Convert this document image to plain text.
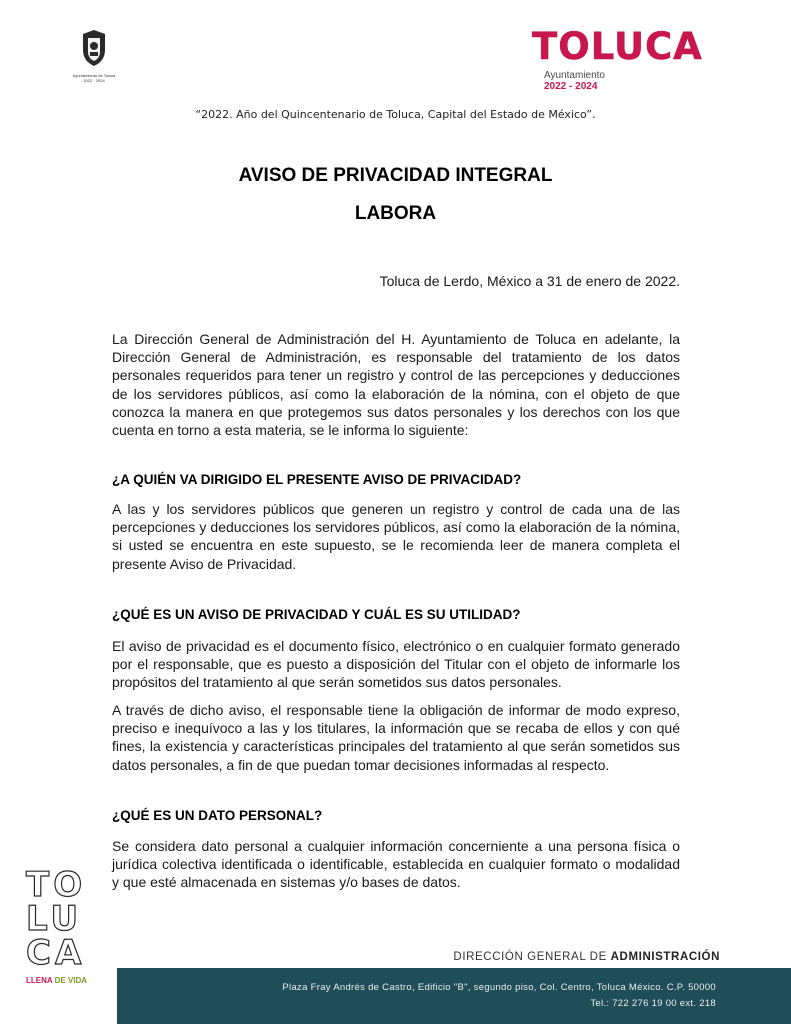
Ayuntamiento de Toluca
2022 · 2024
TOLUCA
Ayuntamiento
2022 - 2024
“2022. Año del Quincentenario de Toluca, Capital del Estado de México”.
AVISO DE PRIVACIDAD INTEGRAL
LABORA
Toluca de Lerdo, México a 31 de enero de 2022.

La Dirección General de Administración del H. Ayuntamiento de Toluca en adelante, la Dirección General de Administración, es responsable del tratamiento de los datos personales requeridos para tener un registro y control de las percepciones y deducciones de los servidores públicos, así como la elaboración de la nómina, con el objeto de que conozca la manera en que protegemos sus datos personales y los derechos con los que cuenta en torno a esta materia, se le informa lo siguiente:

¿A QUIÉN VA DIRIGIDO EL PRESENTE AVISO DE PRIVACIDAD?

A las y los servidores públicos que generen un registro y control de cada una de las percepciones y deducciones los servidores públicos, así como la elaboración de la nómina, si usted se encuentra en este supuesto, se le recomienda leer de manera completa el presente Aviso de Privacidad.

¿QUÉ ES UN AVISO DE PRIVACIDAD Y CUÁL ES SU UTILIDAD?

El aviso de privacidad es el documento físico, electrónico o en cualquier formato generado por el responsable, que es puesto a disposición del Titular con el objeto de informarle los propósitos del tratamiento al que serán sometidos sus datos personales.

A través de dicho aviso, el responsable tiene la obligación de informar de modo expreso, preciso e inequívoco a las y los titulares, la información que se recaba de ellos y con qué fines, la existencia y características principales del tratamiento al que serán sometidos sus datos personales, a fin de que puedan tomar decisiones informadas al respecto.

¿QUÉ ES UN DATO PERSONAL?

Se considera dato personal a cualquier información concerniente a una persona física o jurídica colectiva identificada o identificable, establecida en cualquier formato o modalidad y que esté almacenada en sistemas y/o bases de datos.

TO
LU
CA
LLENA DE VIDA
DIRECCIÓN GENERAL DE ADMINISTRACIÓN
Plaza Fray Andrés de Castro, Edificio "B", segundo piso, Col. Centro, Toluca México. C.P. 50000
Tel.: 722 276 19 00 ext. 218
